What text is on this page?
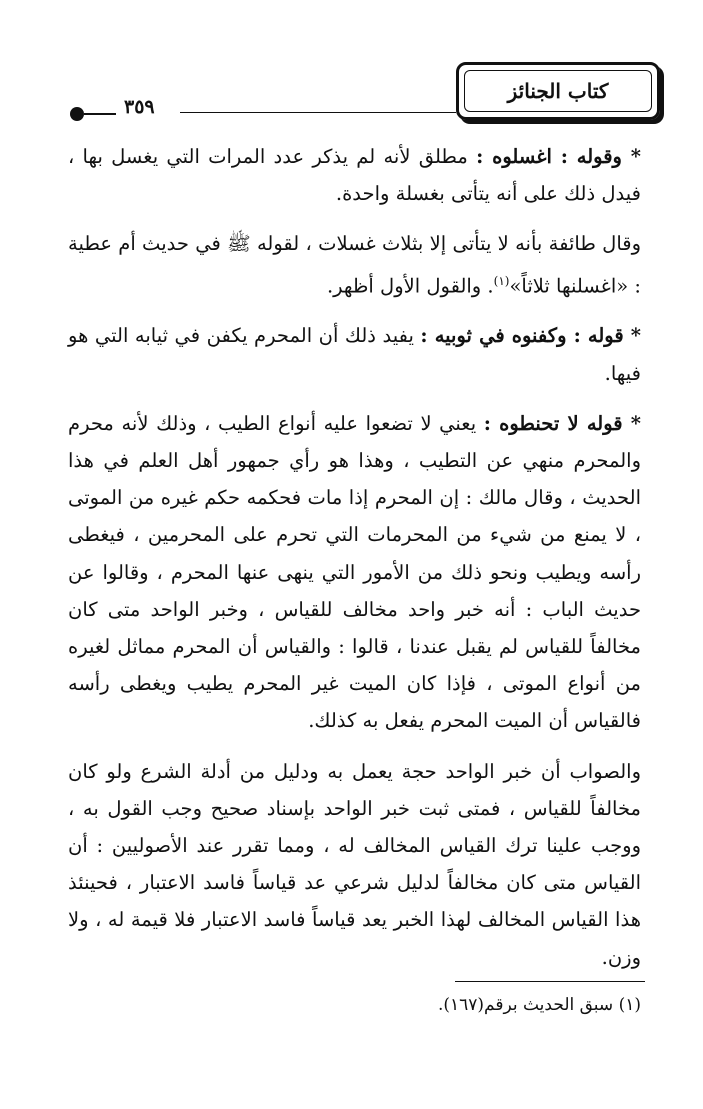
كتاب الجنائز
٣٥٩

* وقوله : اغسلوه : مطلق لأنه لم يذكر عدد المرات التي يغسل بها ، فيدل ذلك على أنه يتأتى بغسلة واحدة.

وقال طائفة بأنه لا يتأتى إلا بثلاث غسلات ، لقوله ﷺ في حديث أم عطية : «اغسلنها ثلاثاً»$^{(١)}$. والقول الأول أظهر.

* قوله : وكفنوه في ثوبيه : يفيد ذلك أن المحرم يكفن في ثيابه التي هو فيها.

* قوله لا تحنطوه : يعني لا تضعوا عليه أنواع الطيب ، وذلك لأنه محرم والمحرم منهي عن التطيب ، وهذا هو رأي جمهور أهل العلم في هذا الحديث ، وقال مالك : إن المحرم إذا مات فحكمه حكم غيره من الموتى ، لا يمنع من شيء من المحرمات التي تحرم على المحرمين ، فيغطى رأسه ويطيب ونحو ذلك من الأمور التي ينهى عنها المحرم ، وقالوا عن حديث الباب : أنه خبر واحد مخالف للقياس ، وخبر الواحد متى كان مخالفاً للقياس لم يقبل عندنا ، قالوا : والقياس أن المحرم مماثل لغيره من أنواع الموتى ، فإذا كان الميت غير المحرم يطيب ويغطى رأسه فالقياس أن الميت المحرم يفعل به كذلك.

والصواب أن خبر الواحد حجة يعمل به ودليل من أدلة الشرع ولو كان مخالفاً للقياس ، فمتى ثبت خبر الواحد بإسناد صحيح وجب القول به ، ووجب علينا ترك القياس المخالف له ، ومما تقرر عند الأصوليين : أن القياس متى كان مخالفاً لدليل شرعي عد قياساً فاسد الاعتبار ، فحينئذ هذا القياس المخالف لهذا الخبر يعد قياساً فاسد الاعتبار فلا قيمة له ، ولا وزن.

(١) سبق الحديث برقم(١٦٧).
